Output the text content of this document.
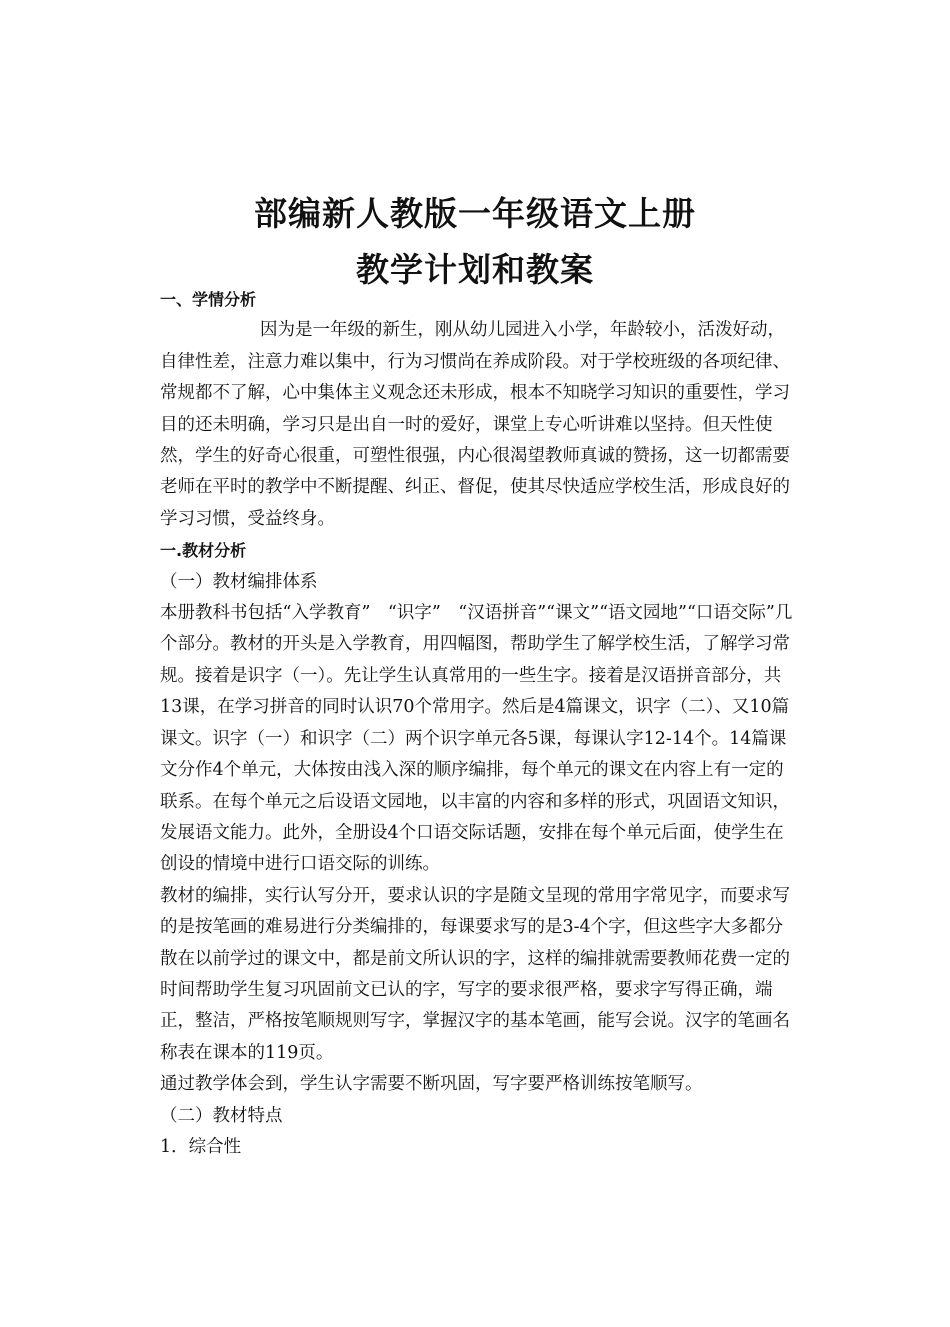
部编新人教版一年级语文上册
教学计划和教案

一、学情分析

因为是一年级的新生，刚从幼儿园进入小学，年龄较小，活泼好动，自律性差，注意力难以集中，行为习惯尚在养成阶段。对于学校班级的各项纪律、常规都不了解，心中集体主义观念还未形成，根本不知晓学习知识的重要性，学习目的还未明确，学习只是出自一时的爱好，课堂上专心听讲难以坚持。但天性使然，学生的好奇心很重，可塑性很强，内心很渴望教师真诚的赞扬，这一切都需要老师在平时的教学中不断提醒、纠正、督促，使其尽快适应学校生活，形成良好的学习习惯，受益终身。

一.教材分析

（一）教材编排体系

本册教科书包括“入学教育”　“识字”　“汉语拼音”“课文”“语文园地”“口语交际”几个部分。教材的开头是入学教育，用四幅图，帮助学生了解学校生活，了解学习常规。接着是识字（一）。先让学生认真常用的一些生字。接着是汉语拼音部分，共13课，在学习拼音的同时认识70个常用字。然后是4篇课文，识字（二）、又10篇课文。识字（一）和识字（二）两个识字单元各5课，每课认字12-14个。14篇课文分作4个单元，大体按由浅入深的顺序编排，每个单元的课文在内容上有一定的联系。在每个单元之后设语文园地，以丰富的内容和多样的形式，巩固语文知识，发展语文能力。此外，全册设4个口语交际话题，安排在每个单元后面，使学生在创设的情境中进行口语交际的训练。

教材的编排，实行认写分开，要求认识的字是随文呈现的常用字常见字，而要求写的是按笔画的难易进行分类编排的，每课要求写的是3-4个字，但这些字大多都分散在以前学过的课文中，都是前文所认识的字，这样的编排就需要教师花费一定的时间帮助学生复习巩固前文已认的字，写字的要求很严格，要求字写得正确，端正，整洁，严格按笔顺规则写字，掌握汉字的基本笔画，能写会说。汉字的笔画名称表在课本的119页。

通过教学体会到，学生认字需要不断巩固，写字要严格训练按笔顺写。

（二）教材特点

1．综合性
